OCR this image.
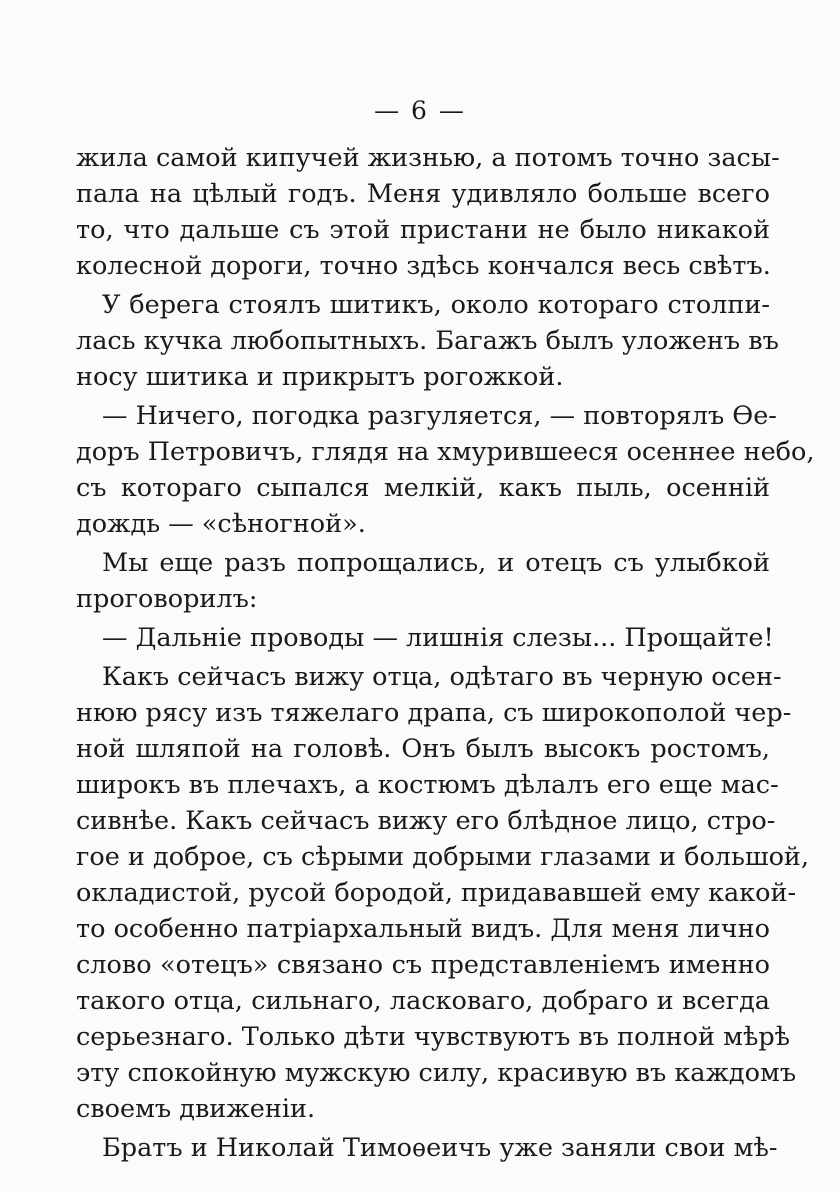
— 6 —
жила самой кипучей жизнью, а потомъ точно засы-
пала на цѣлый годъ. Меня удивляло больше всего
то, что дальше съ этой пристани не было никакой
колесной дороги, точно здѣсь кончался весь свѣтъ.
У берега стоялъ шитикъ, около котораго столпи-
лась кучка любопытныхъ. Багажъ былъ уложенъ въ
носу шитика и прикрытъ рогожкой.
— Ничего, погодка разгуляется, — повторялъ Ѳе-
доръ Петровичъ, глядя на хмурившееся осеннее небо,
съ котораго сыпался мелкій, какъ пыль, осенній
дождь — «сѣногной».
Мы еще разъ попрощались, и отецъ съ улыбкой
проговорилъ:
— Дальніе проводы — лишнія слезы... Прощайте!
Какъ сейчасъ вижу отца, одѣтаго въ черную осен-
нюю рясу изъ тяжелаго драпа, съ широкополой чер-
ной шляпой на головѣ. Онъ былъ высокъ ростомъ,
широкъ въ плечахъ, а костюмъ дѣлалъ его еще мас-
сивнѣе. Какъ сейчасъ вижу его блѣдное лицо, стро-
гое и доброе, съ сѣрыми добрыми глазами и большой,
окладистой, русой бородой, придававшей ему какой-
то особенно патріархальный видъ. Для меня лично
слово «отецъ» связано съ представленіемъ именно
такого отца, сильнаго, ласковаго, добраго и всегда
серьезнаго. Только дѣти чувствуютъ въ полной мѣрѣ
эту спокойную мужскую силу, красивую въ каждомъ
своемъ движеніи.
Братъ и Николай Тимоѳеичъ уже заняли свои мѣ-
